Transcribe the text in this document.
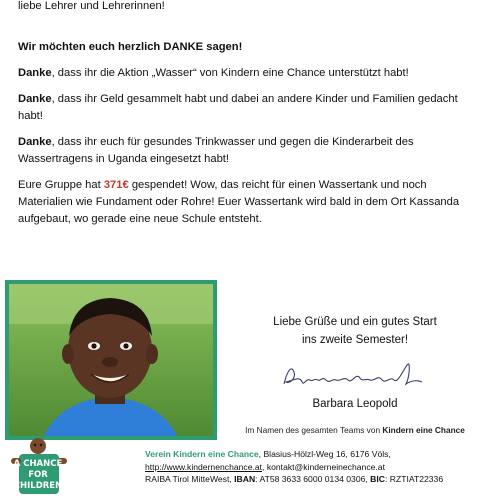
liebe Lehrer und Lehrerinnen!

Wir möchten euch herzlich DANKE sagen!

Danke, dass ihr die Aktion „Wasser“ von Kindern eine Chance unterstützt habt!

Danke, dass ihr Geld gesammelt habt und dabei an andere Kinder und Familien gedacht habt!

Danke, dass ihr euch für gesundes Trinkwasser und gegen die Kinderarbeit des Wassertragens in Uganda eingesetzt habt!

Eure Gruppe hat 371€ gespendet! Wow, das reicht für einen Wassertank und noch Materialien wie Fundament oder Rohre! Euer Wassertank wird bald in dem Ort Kassanda aufgebaut, wo gerade eine neue Schule entsteht.

Liebe Grüße und ein gutes Start
ins zweite Semester!
Barbara Leopold
Im Namen des gesamten Teams von Kindern eine Chance
Verein Kindern eine Chance, Blasius-Hölzl-Weg 16, 6176 Völs,
http://www.kindernenchance.at, kontakt@kinderneinechance.at
RAIBA Tirol MitteWest, IBAN: AT58 3633 6000 0134 0306, BIC: RZTIAT22336
A CHANCE
FOR
CHILDREN
